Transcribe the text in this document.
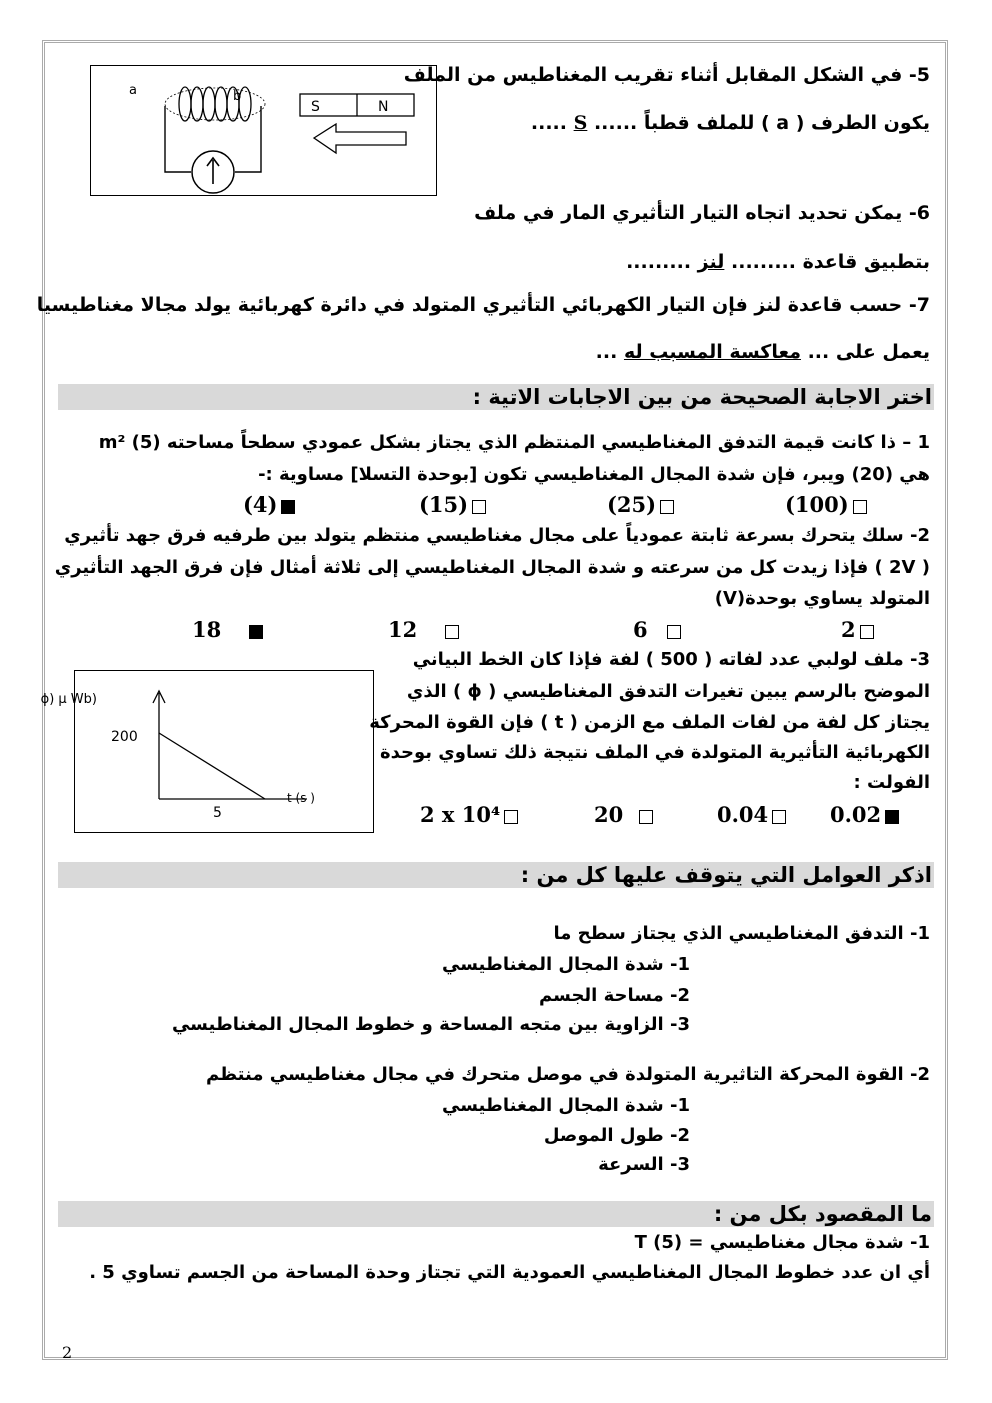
5- في الشكل المقابل أثناء تقريب المغناطيس من الملف
يكون الطرف ( a ) للملف قطباً ...... S .....
a	b
S	N
6- يمكن تحديد اتجاه التيار التأثيري المار في ملف
بتطبيق قاعدة ......... لنز .........
7- حسب قاعدة لنز فإن التيار الكهربائي التأثيري المتولد في دائرة كهربائية يولد مجالا مغناطيسيا
يعمل على ... معاكسة المسبب له ...
اختر الاجابة الصحيحة من بين الاجابات الاتية :
1 – ذا كانت قيمة التدفق المغناطيسي المنتظم الذي يجتاز بشكل عمودي سطحاً مساحته m² (5)
هي (20) ويبر، فإن شدة المجال المغناطيسي تكون [بوحدة التسلا] مساوية :-
(4)	(15)	(25)	(100)
2- سلك يتحرك بسرعة ثابتة عمودياً على مجال مغناطيسي منتظم يتولد بين طرفيه فرق جهد تأثيري
( 2V ) فإذا زيدت كل من سرعته و شدة المجال المغناطيسي إلى ثلاثة أمثال فإن فرق الجهد التأثيري
المتولد يساوي بوحدة(V)
18	12	6	2
3- ملف لولبي عدد لفاته ( 500 ) لفة فإذا كان الخط البياني
الموضح بالرسم يبين تغيرات التدفق المغناطيسي ( ϕ ) الذي
يجتاز كل لفة من لفات الملف مع الزمن ( t ) فإن القوة المحركة
الكهربائية التأثيرية المتولدة في الملف نتيجة ذلك تساوي بوحدة
الفولت :
ϕ) µ Wb)
200
5
t (s )
2 x 10⁴	20	0.04	0.02
اذكر العوامل التي يتوقف عليها كل من :
1- التدفق المغناطيسي الذي يجتاز سطح ما
1- شدة المجال المغناطيسي
2- مساحة الجسم
3- الزاوية بين متجه المساحة و خطوط المجال المغناطيسي
2- القوة المحركة التاثيرية المتولدة في موصل متحرك في مجال مغناطيسي منتظم
1- شدة المجال المغناطيسي
2- طول الموصل
3- السرعة
ما المقصود بكل من :
1- شدة مجال مغناطيسي = T (5)
أي ان عدد خطوط المجال المغناطيسي العمودية التي تجتاز وحدة المساحة من الجسم تساوي 5 .
2
